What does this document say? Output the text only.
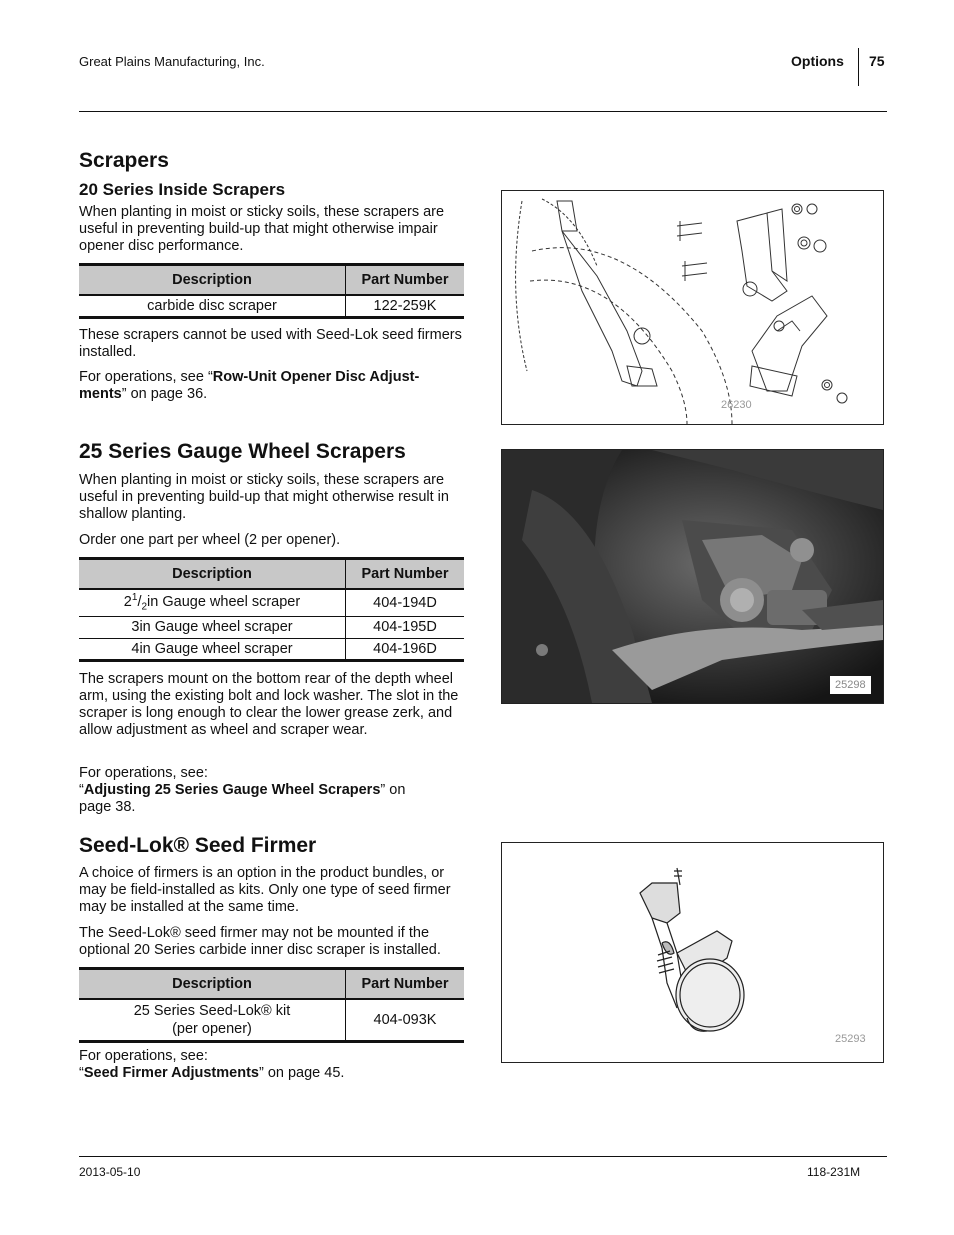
Great Plains Manufacturing, Inc.	Options 75
Scrapers
20 Series Inside Scrapers

When planting in moist or sticky soils, these scrapers are useful in preventing build-up that might otherwise impair opener disc performance.

Description	Part Number
carbide disc scraper	122-259K

These scrapers cannot be used with Seed-Lok seed firmers installed.

For operations, see “Row-Unit Opener Disc Adjust-ments” on page 36.

26230
25 Series Gauge Wheel Scrapers

When planting in moist or sticky soils, these scrapers are useful in preventing build-up that might otherwise result in shallow planting.

Order one part per wheel (2 per opener).

Description	Part Number
$2^1/_2in$ Gauge wheel scraper	404-194D
3in Gauge wheel scraper	404-195D
4in Gauge wheel scraper	404-196D

The scrapers mount on the bottom rear of the depth wheel arm, using the existing bolt and lock washer. The slot in the scraper is long enough to clear the lower grease zerk, and allow adjustment as wheel and scraper wear.

For operations, see:

“Adjusting 25 Series Gauge Wheel Scrapers” on page 38.

25298
Seed-Lok® Seed Firmer

A choice of firmers is an option in the product bundles, or may be field-installed as kits. Only one type of seed firmer may be installed at the same time.

The Seed-Lok® seed firmer may not be mounted if the optional 20 Series carbide inner disc scraper is installed.

Description	Part Number
25 Series Seed-Lok® kit
(per opener)	404-093K

For operations, see:

“Seed Firmer Adjustments” on page 45.

25293
2013-05-10	118-231M
